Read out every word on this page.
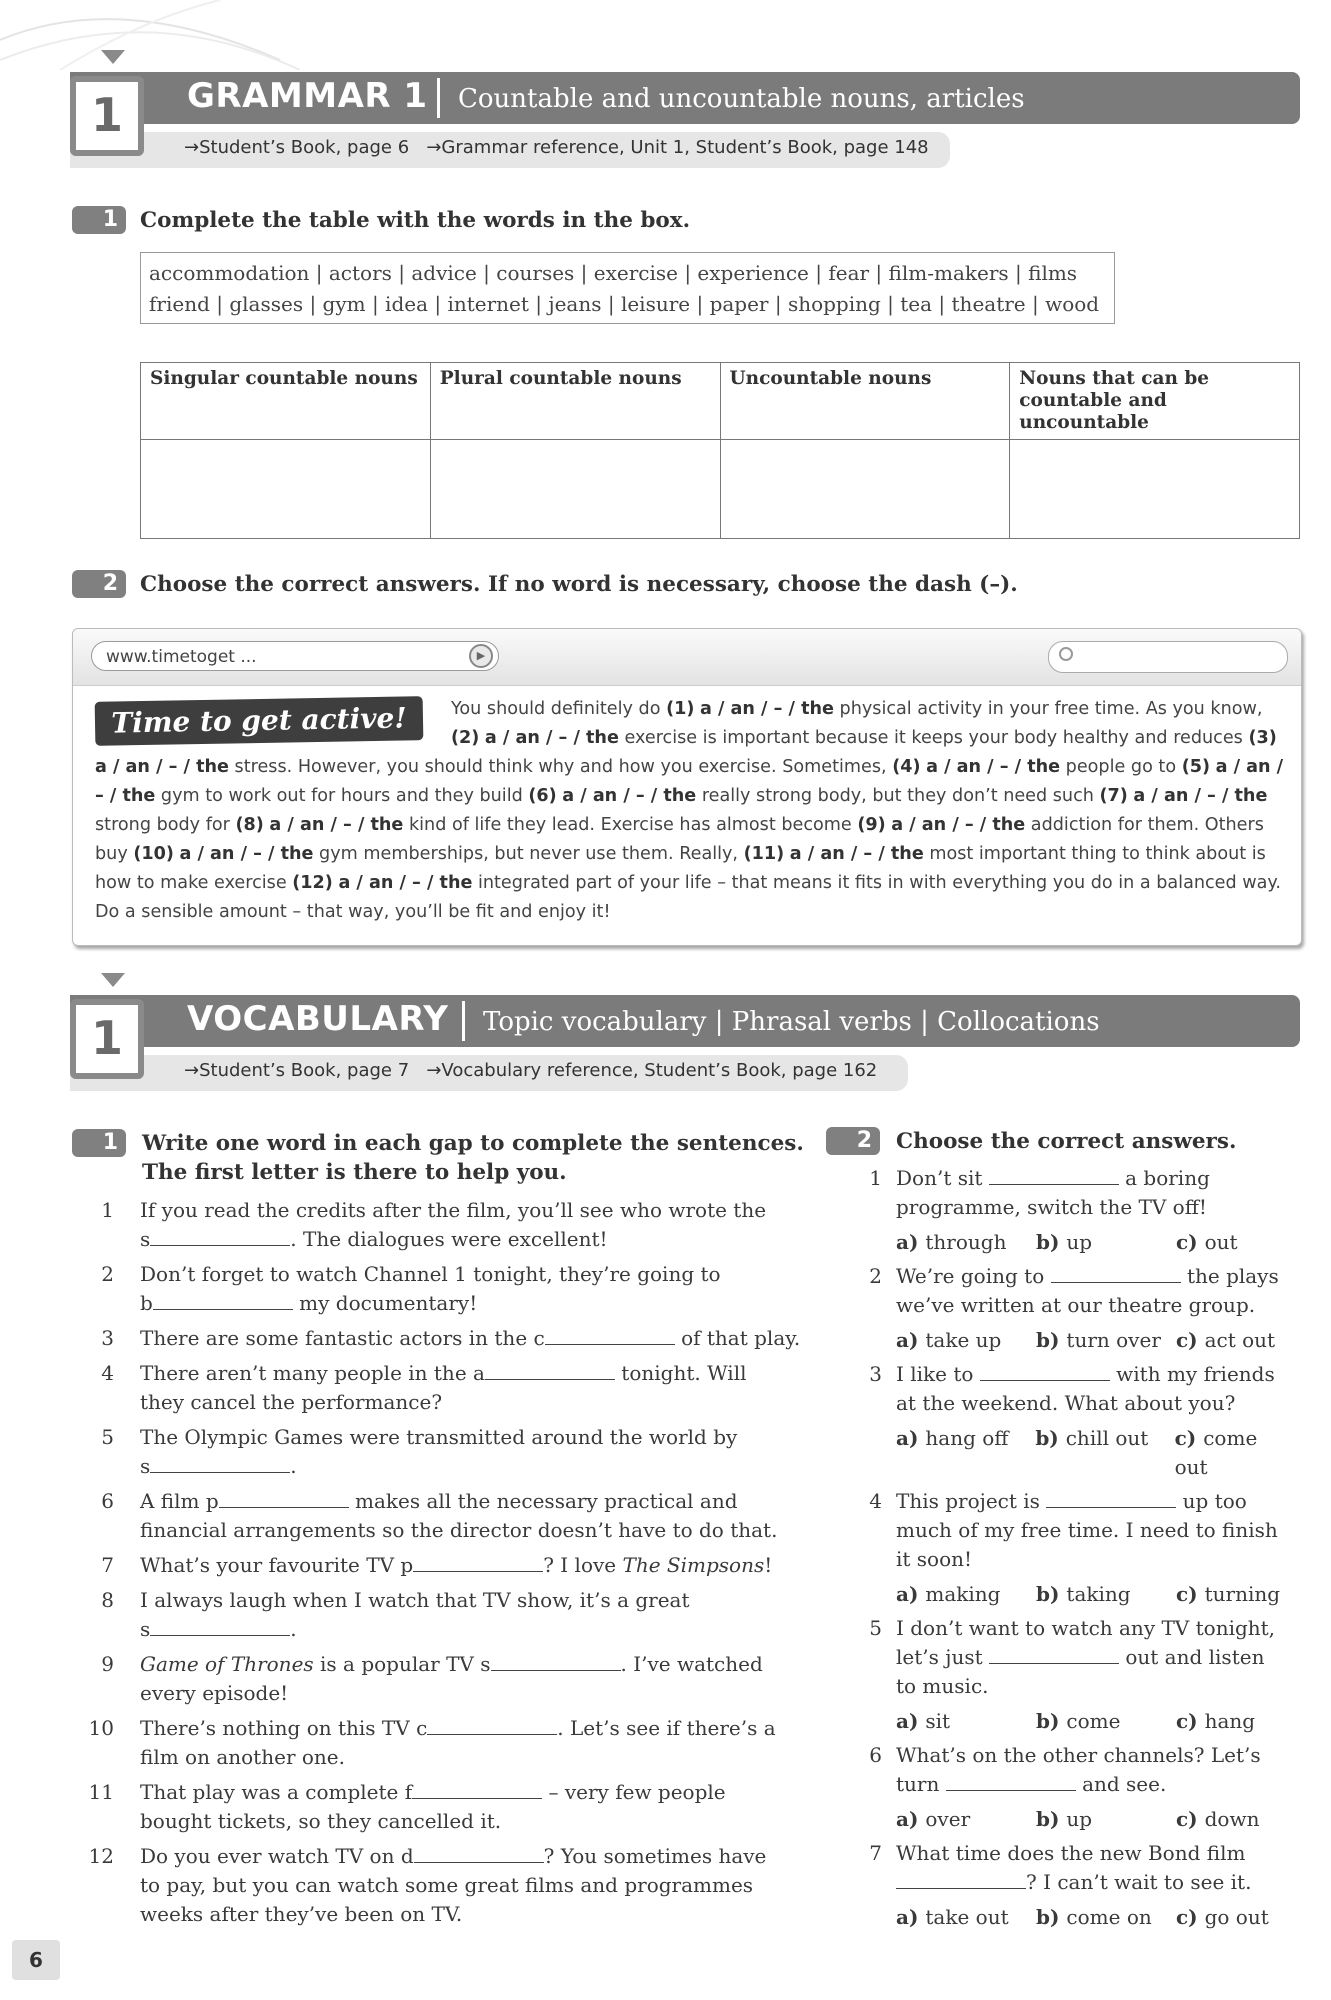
1	GRAMMAR 1 Countable and uncountable nouns, articles
→Student’s Book, page 6 →Grammar reference, Unit 1, Student’s Book, page 148
1	Complete the table with the words in the box.
accommodation | actors | advice | courses | exercise | experience | fear | film-makers | films
friend | glasses | gym | idea | internet | jeans | leisure | paper | shopping | tea | theatre | wood
Singular countable nouns	Plural countable nouns	Uncountable nouns	Nouns that can be countable and uncountable

2	Choose the correct answers. If no word is necessary, choose the dash (–).
www.timetoget ...	▶
You should definitely do (1) a / an / – / the physical activity in your free time. As you know, (2) a / an / – / the exercise is important because it keeps your body healthy and reduces (3) a / an / – / the stress. However, you should think why and how you exercise. Sometimes, (4) a / an / – / the people go to (5) a / an / – / the gym to work out for hours and they build (6) a / an / – / the really strong body, but they don’t need such (7) a / an / – / the strong body for (8) a / an / – / the kind of life they lead. Exercise has almost become (9) a / an / – / the addiction for them. Others buy (10) a / an / – / the gym memberships, but never use them. Really, (11) a / an / – / the most important thing to think about is how to make exercise (12) a / an / – / the integrated part of your life – that means it fits in with everything you do in a balanced way. Do a sensible amount – that way, you’ll be fit and enjoy it!
Time to get active!
1	VOCABULARY Topic vocabulary | Phrasal verbs | Collocations
→Student’s Book, page 7 →Vocabulary reference, Student’s Book, page 162
1	Write one word in each gap to complete the sentences.
The first letter is there to help you.
1 If you read the credits after the film, you’ll see who wrote the
s	. The dialogues were excellent!
2 Don’t forget to watch Channel 1 tonight, they’re going to
b	my documentary!
3 There are some fantastic actors in the c	of that play.
4 There aren’t many people in the a	tonight. Will
they cancel the performance?
5 The Olympic Games were transmitted around the world by
s	.
6 A film p	makes all the necessary practical and
financial arrangements so the director doesn’t have to do that.
7 What’s your favourite TV p	? I love The Simpsons!
8 I always laugh when I watch that TV show, it’s a great
s	.
9 Game of Thrones is a popular TV s	. I’ve watched
every episode!
10 There’s nothing on this TV c	. Let’s see if there’s a
film on another one.
11 That play was a complete f	– very few people
bought tickets, so they cancelled it.
12 Do you ever watch TV on d	? You sometimes have
to pay, but you can watch some great films and programmes
weeks after they’ve been on TV.
2	Choose the correct answers.
1 Don’t sit	a boring
programme, switch the TV off!
a) through	b) up	c) out
2 We’re going to	the plays
we’ve written at our theatre group.
a) take up	b) turn over c) act out
3 I like to	with my friends
at the weekend. What about you?
a) hang off	b) chill out	c) come out
4 This project is	up too
much of my free time. I need to finish
it soon!
a) making	b) taking	c) turning
5 I don’t want to watch any TV tonight,
let’s just	out and listen
to music.
a) sit	b) come	c) hang
6 What’s on the other channels? Let’s
turn	and see.
a) over	b) up	c) down
7 What time does the new Bond film
? I can’t wait to see it.
a) take out	b) come on	c) go out
6
